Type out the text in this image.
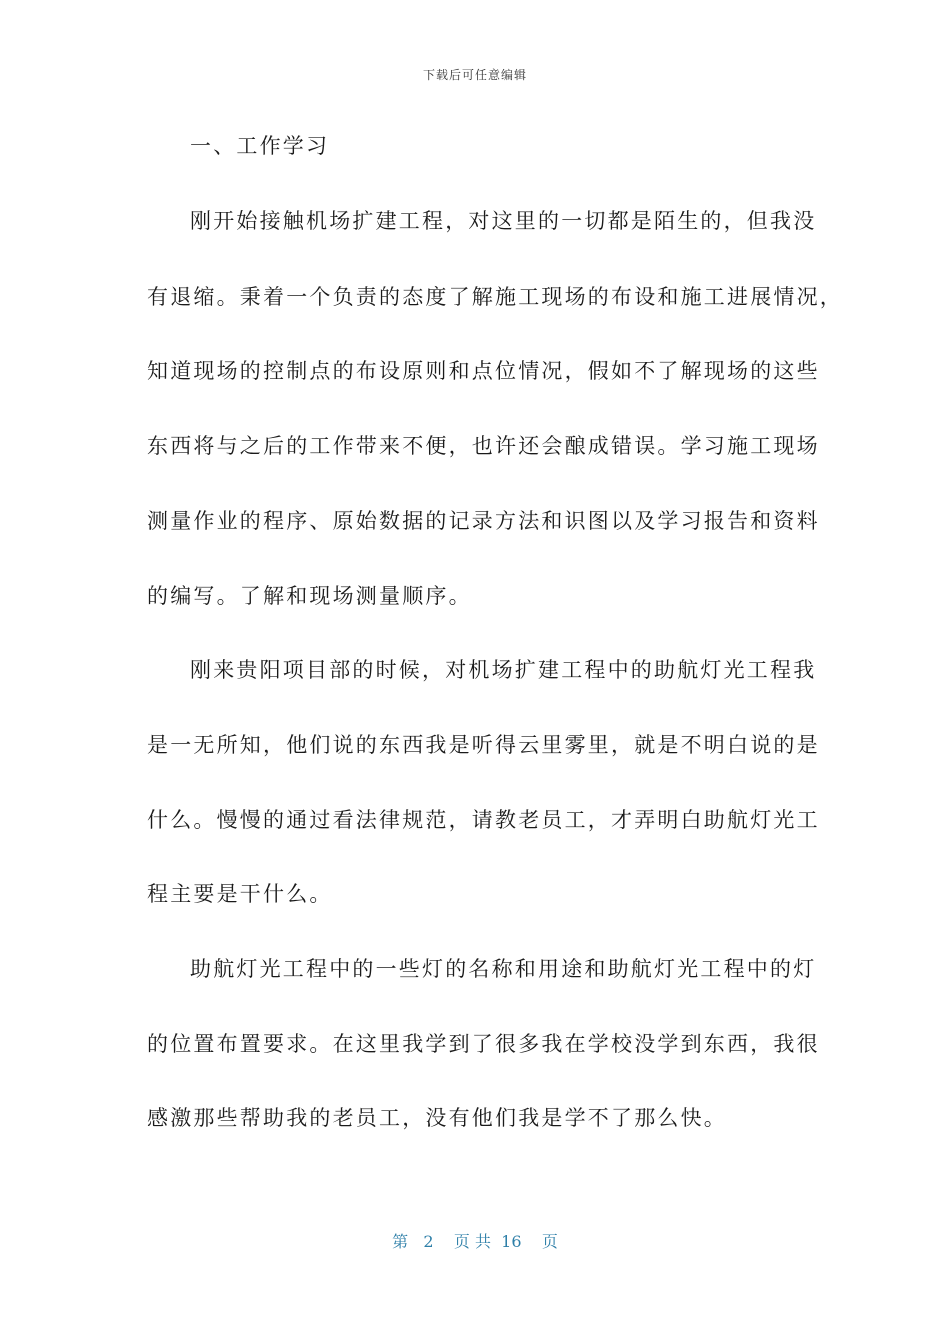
下载后可任意编辑
一、工作学习
刚开始接触机场扩建工程，对这里的一切都是陌生的，但我没
有退缩。秉着一个负责的态度了解施工现场的布设和施工进展情况，
知道现场的控制点的布设原则和点位情况，假如不了解现场的这些
东西将与之后的工作带来不便，也许还会酿成错误。学习施工现场
测量作业的程序、原始数据的记录方法和识图以及学习报告和资料
的编写。了解和现场测量顺序。
刚来贵阳项目部的时候，对机场扩建工程中的助航灯光工程我
是一无所知，他们说的东西我是听得云里雾里，就是不明白说的是
什么。慢慢的通过看法律规范，请教老员工，才弄明白助航灯光工
程主要是干什么。
助航灯光工程中的一些灯的名称和用途和助航灯光工程中的灯
的位置布置要求。在这里我学到了很多我在学校没学到东西，我很
感激那些帮助我的老员工，没有他们我是学不了那么快。
第 2 页 共 16 页
